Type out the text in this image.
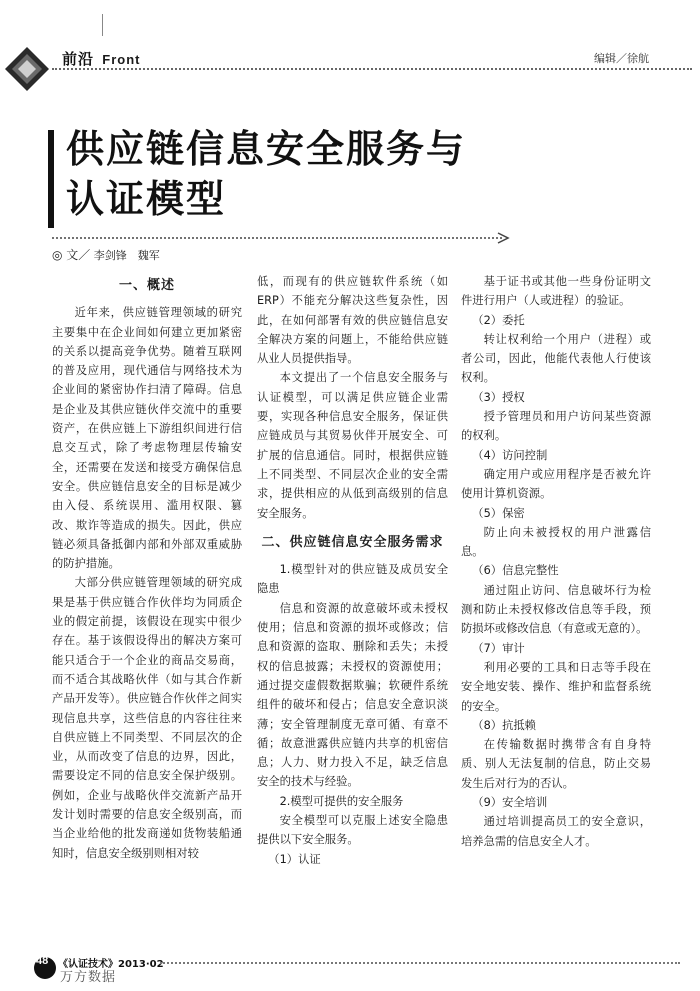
前沿 Front	编辑／徐航
供应链信息安全服务与
认证模型
◎ 文／ 李剑锋　魏军

一、概述

近年来，供应链管理领域的研究主要集中在企业间如何建立更加紧密的关系以提高竞争优势。随着互联网的普及应用，现代通信与网络技术为企业间的紧密协作扫清了障碍。信息是企业及其供应链伙伴交流中的重要资产，在供应链上下游组织间进行信息交互式，除了考虑物理层传输安全，还需要在发送和接受方确保信息安全。供应链信息安全的目标是减少由入侵、系统误用、滥用权限、篡改、欺诈等造成的损失。因此，供应链必须具备抵御内部和外部双重威胁的防护措施。

大部分供应链管理领域的研究成果是基于供应链合作伙伴均为同质企业的假定前提，该假设在现实中很少存在。基于该假设得出的解决方案可能只适合于一个企业的商品交易商，而不适合其战略伙伴（如与其合作新产品开发等）。供应链合作伙伴之间实现信息共享，这些信息的内容往往来自供应链上不同类型、不同层次的企业，从而改变了信息的边界，因此，需要设定不同的信息安全保护级别。例如，企业与战略伙伴交流新产品开发计划时需要的信息安全级别高，而当企业给他的批发商递如货物装船通知时，信息安全级别则相对较

低，而现有的供应链软件系统（如ERP）不能充分解决这些复杂性，因此，在如何部署有效的供应链信息安全解决方案的问题上，不能给供应链从业人员提供指导。

本文提出了一个信息安全服务与认证模型，可以满足供应链企业需要，实现各种信息安全服务，保证供应链成员与其贸易伙伴开展安全、可扩展的信息通信。同时，根据供应链上不同类型、不同层次企业的安全需求，提供相应的从低到高级别的信息安全服务。

二、供应链信息安全服务需求

1.模型针对的供应链及成员安全隐患

信息和资源的故意破坏或未授权使用；信息和资源的损坏或修改；信息和资源的盗取、删除和丢失；未授权的信息披露；未授权的资源使用；通过提交虚假数据欺骗；软硬件系统组件的破坏和侵占；信息安全意识淡薄；安全管理制度无章可循、有章不循；故意泄露供应链内共享的机密信息；人力、财力投入不足，缺乏信息安全的技术与经验。

2.模型可提供的安全服务

安全模型可以克服上述安全隐患提供以下安全服务。

（1）认证

基于证书或其他一些身份证明文件进行用户（人或进程）的验证。

（2）委托

转让权利给一个用户（进程）或者公司，因此，他能代表他人行使该权利。

（3）授权

授予管理员和用户访问某些资源的权利。

（4）访问控制

确定用户或应用程序是否被允许使用计算机资源。

（5）保密

防止向未被授权的用户泄露信息。

（6）信息完整性

通过阻止访问、信息破坏行为检测和防止未授权修改信息等手段，预防损坏或修改信息（有意或无意的）。

（7）审计

利用必要的工具和日志等手段在安全地安装、操作、维护和监督系统的安全。

（8）抗抵赖

在传输数据时携带含有自身特质、别人无法复制的信息，防止交易发生后对行为的否认。

（9）安全培训

通过培训提高员工的安全意识，培养急需的信息安全人才。

48 《认证技术》2013·02
万方数据
